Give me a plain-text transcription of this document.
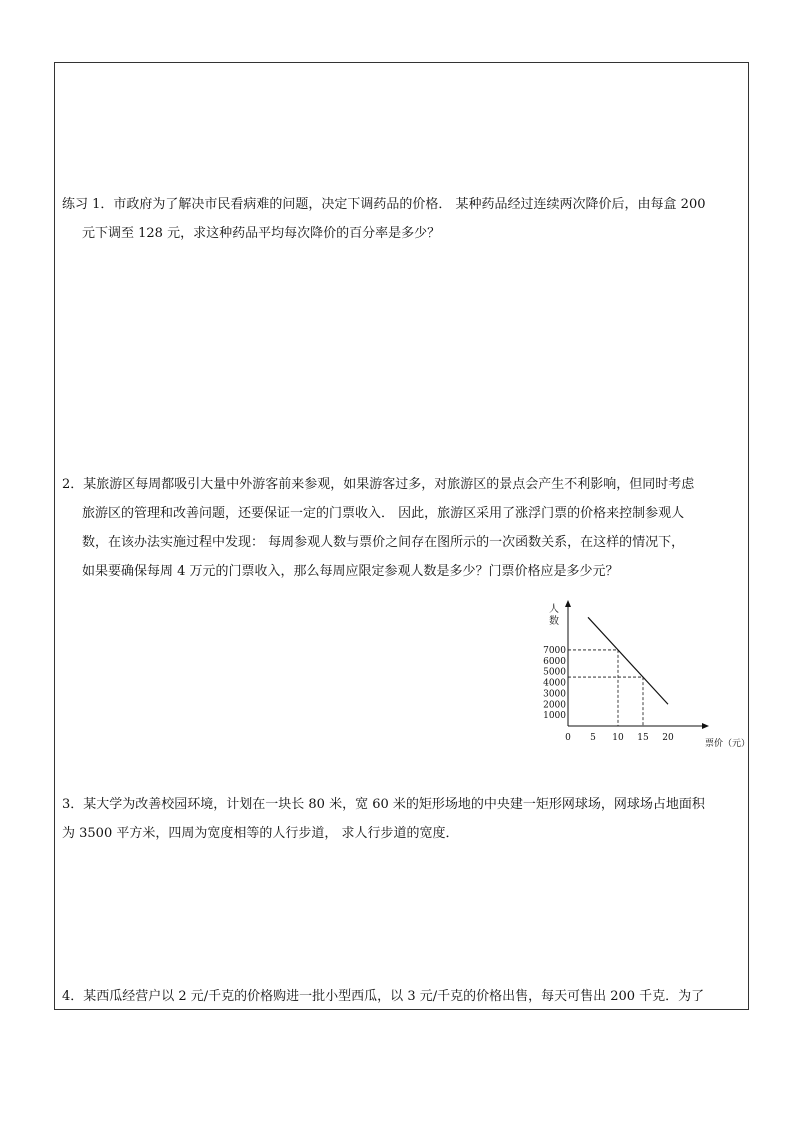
练习 1．市政府为了解决市民看病难的问题，决定下调药品的价格． 某种药品经过连续两次降价后，由每盒 200
元下调至 128 元，求这种药品平均每次降价的百分率是多少？
2．某旅游区每周都吸引大量中外游客前来参观，如果游客过多，对旅游区的景点会产生不利影响，但同时考虑
旅游区的管理和改善问题，还要保证一定的门票收入． 因此，旅游区采用了涨浮门票的价格来控制参观人
数，在该办法实施过程中发现： 每周参观人数与票价之间存在图所示的一次函数关系，在这样的情况下，
如果要确保每周 4 万元的门票收入，那么每周应限定参观人数是多少？门票价格应是多少元？
人
数
1000
2000
3000
4000
5000
6000
7000
0 5 10 15 20
票价（元）
3．某大学为改善校园环境，计划在一块长 80 米，宽 60 米的矩形场地的中央建一矩形网球场，网球场占地面积
为 3500 平方米，四周为宽度相等的人行步道， 求人行步道的宽度．
4．某西瓜经营户以 2 元/千克的价格购进一批小型西瓜，以 3 元/千克的价格出售，每天可售出 200 千克．为了
